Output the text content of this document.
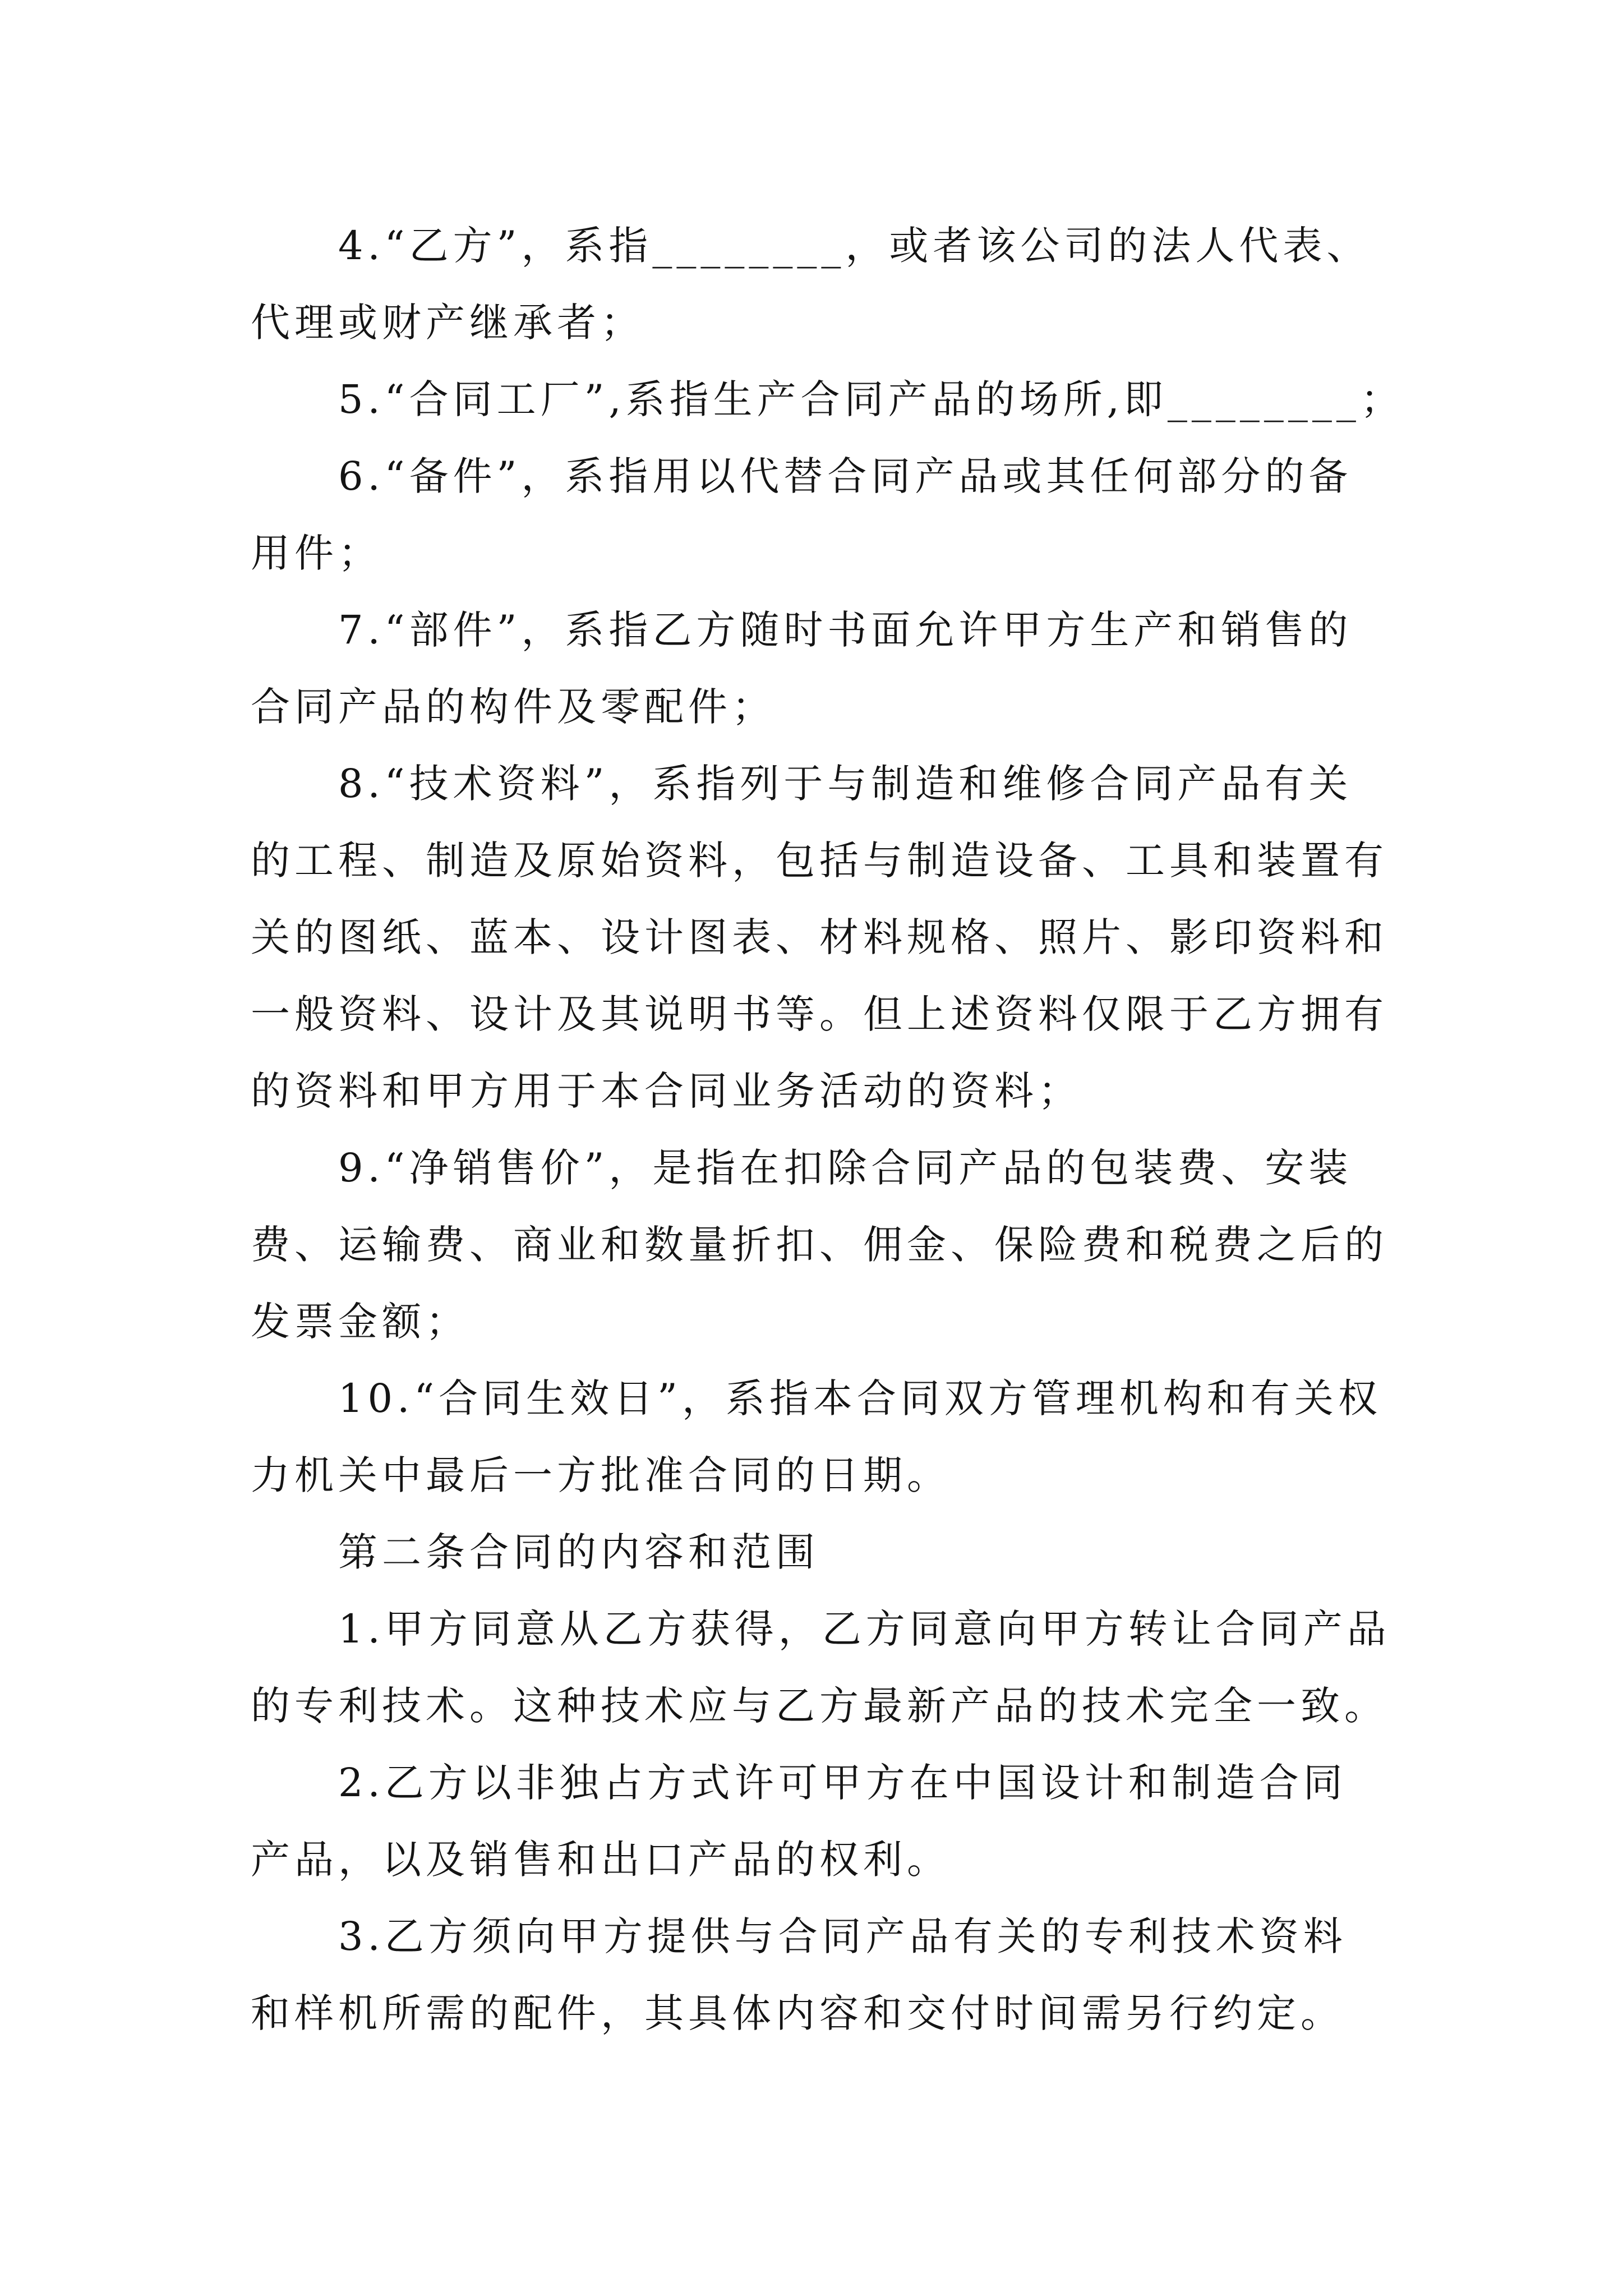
4.“乙方”，系指________，或者该公司的法人代表、
代理或财产继承者；
5.“合同工厂”,系指生产合同产品的场所,即________；
6.“备件”，系指用以代替合同产品或其任何部分的备
用件；
7.“部件”，系指乙方随时书面允许甲方生产和销售的
合同产品的构件及零配件；
8.“技术资料”，系指列于与制造和维修合同产品有关
的工程、制造及原始资料，包括与制造设备、工具和装置有
关的图纸、蓝本、设计图表、材料规格、照片、影印资料和
一般资料、设计及其说明书等。但上述资料仅限于乙方拥有
的资料和甲方用于本合同业务活动的资料；
9.“净销售价”，是指在扣除合同产品的包装费、安装
费、运输费、商业和数量折扣、佣金、保险费和税费之后的
发票金额；
10.“合同生效日”，系指本合同双方管理机构和有关权
力机关中最后一方批准合同的日期。
第二条合同的内容和范围
1.甲方同意从乙方获得，乙方同意向甲方转让合同产品
的专利技术。这种技术应与乙方最新产品的技术完全一致。
2.乙方以非独占方式许可甲方在中国设计和制造合同
产品，以及销售和出口产品的权利。
3.乙方须向甲方提供与合同产品有关的专利技术资料
和样机所需的配件，其具体内容和交付时间需另行约定。
